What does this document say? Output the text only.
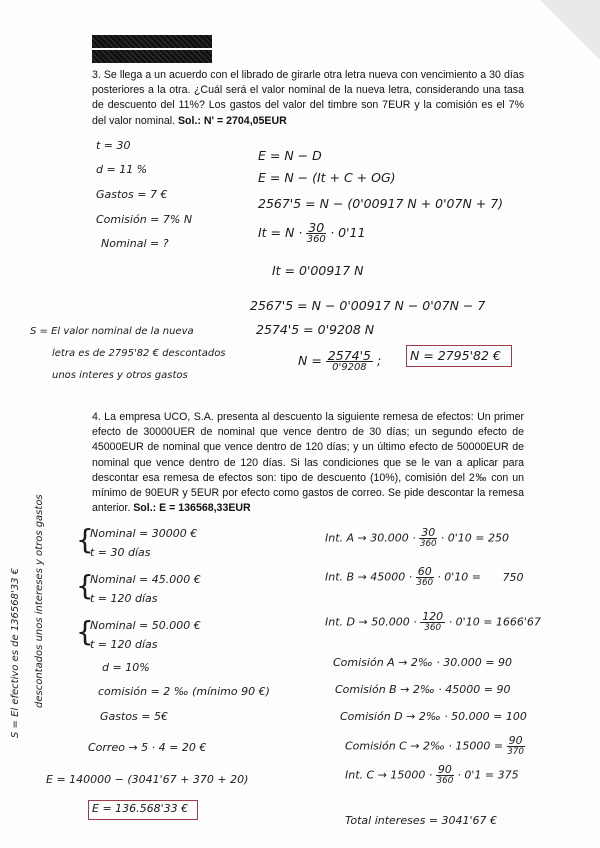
3. Se llega a un acuerdo con el librado de girarle otra letra nueva con vencimiento a 30 días posteriores a la otra. ¿Cuál será el valor nominal de la nueva letra, considerando una tasa de descuento del 11%? Los gastos del valor del timbre son 7EUR y la comisión es el 7% del valor nominal. Sol.: N' = 2704,05EUR
t = 30
d = 11 %
Gastos = 7 €
Comisión = 7% N
Nominal = ?
E = N − D
E = N − (It + C + OG)
2567'5 = N − (0'00917 N + 0'07N + 7)
$It = N \cdot \frac{30}{360} \cdot 0'11$
It = 0'00917 N
2567'5 = N − 0'00917 N − 0'07N − 7
2574'5 = 0'9208 N
$N = \frac{2574'5}{0'9208}$ ; N = 2795'82 €
S = El valor nominal de la nueva
letra es de 2795'82 € descontados
unos interes y otros gastos
4. La empresa UCO, S.A. presenta al descuento la siguiente remesa de efectos: Un primer efecto de 30000UER de nominal que vence dentro de 30 días; un segundo efecto de 45000EUR de nominal que vence dentro de 120 días; y un último efecto de 50000EUR de nominal que vence dentro de 120 días. Si las condiciones que se le van a aplicar para descontar esa remesa de efectos son: tipo de descuento (10%), comisión del 2‰ con un mínimo de 90EUR y 5EUR por efecto como gastos de correo. Se pide descontar la remesa anterior. Sol.: E = 136568,33EUR
{
{
{
Nominal = 30000 €
t = 30 días
Nominal = 45.000 €
t = 120 días
Nominal = 50.000 €
t = 120 días
d = 10%
comisión = 2 ‰ (mínimo 90 €)
Gastos = 5€
Correo → 5 · 4 = 20 €
E = 140000 − (3041'67 + 370 + 20)
E = 136.568'33 €
S = El efectivo es de 136568'33 € descontados unos intereses y otros gastos	Int. $A \to 30.000 \cdot \frac{30}{360} \cdot 0'10 = 250$
Int. $B \to 45000 \cdot \frac{60}{360} \cdot 0'10 = 750$
Int. $D \to 50.000 \cdot \frac{120}{360} \cdot 0'10 = 1666'67$
Comisión A → 2‰ · 30.000 = 90
Comisión B → 2‰ · 45000 = 90
Comisión D → 2‰ · 50.000 = 100
Comisión C → 2‰ · $15000 = \frac{90}{370}$
Int. $C \to 15000 \cdot \frac{90}{360} \cdot 0'1 = 375$
Total intereses = 3041'67 €
